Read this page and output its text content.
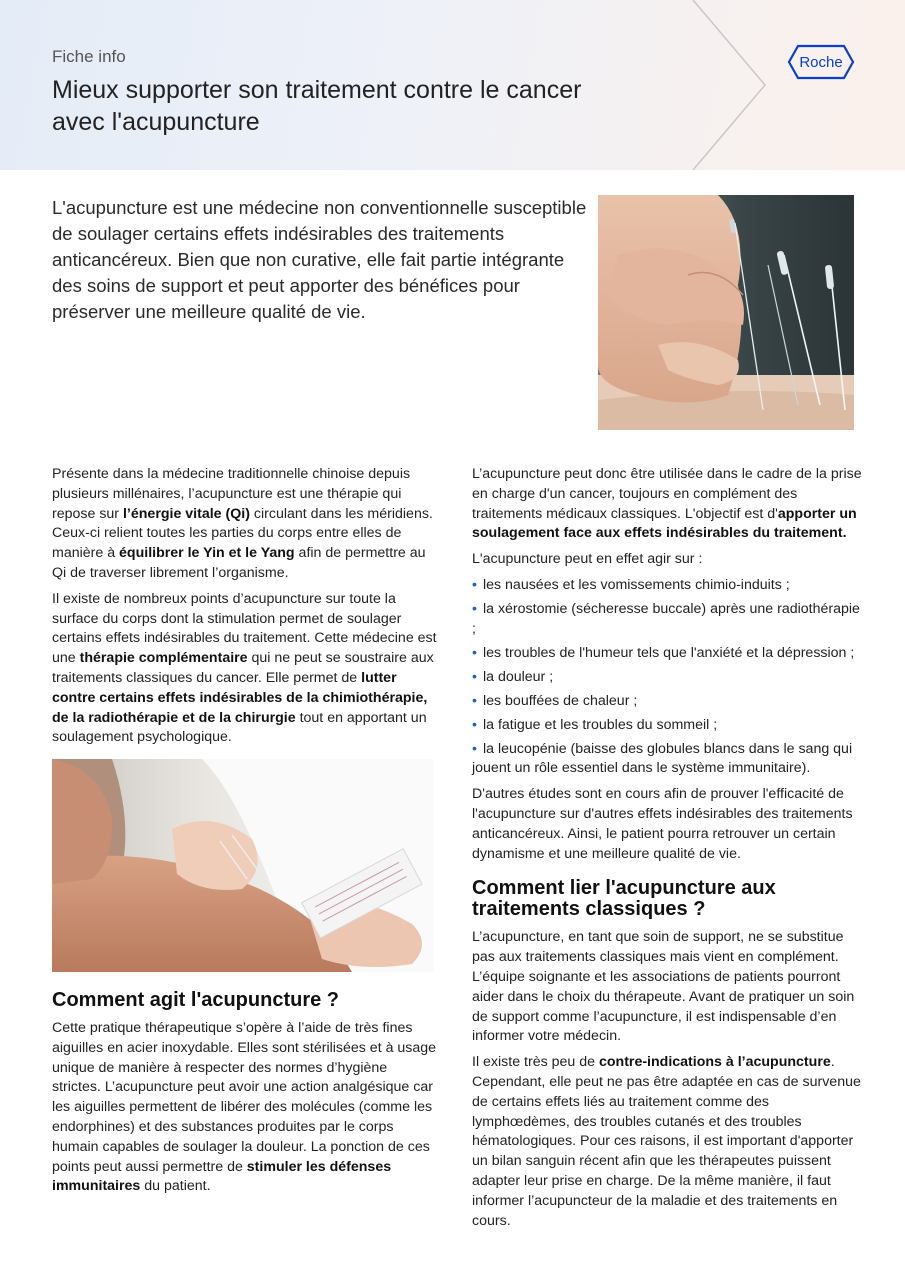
Fiche info
Mieux supporter son traitement contre le cancer
avec l'acupuncture
Roche

L'acupuncture est une médecine non conventionnelle susceptible de soulager certains effets indésirables des traitements anticancéreux. Bien que non curative, elle fait partie intégrante des soins de support et peut apporter des bénéfices pour préserver une meilleure qualité de vie.

Présente dans la médecine traditionnelle chinoise depuis plusieurs millénaires, l’acupuncture est une thérapie qui repose sur l’énergie vitale (Qi) circulant dans les méridiens. Ceux-ci relient toutes les parties du corps entre elles de manière à équilibrer le Yin et le Yang afin de permettre au Qi de traverser librement l’organisme.

Il existe de nombreux points d’acupuncture sur toute la surface du corps dont la stimulation permet de soulager certains effets indésirables du traitement. Cette médecine est une thérapie complémentaire qui ne peut se soustraire aux traitements classiques du cancer. Elle permet de lutter contre certains effets indésirables de la chimiothérapie, de la radiothérapie et de la chirurgie tout en apportant un soulagement psychologique.

Comment agit l'acupuncture ?

Cette pratique thérapeutique s’opère à l’aide de très fines aiguilles en acier inoxydable. Elles sont stérilisées et à usage unique de manière à respecter des normes d’hygiène strictes. L’acupuncture peut avoir une action analgésique car les aiguilles permettent de libérer des molécules (comme les endorphines) et des substances produites par le corps humain capables de soulager la douleur. La ponction de ces points peut aussi permettre de stimuler les défenses immunitaires du patient.

L’acupuncture peut donc être utilisée dans le cadre de la prise en charge d'un cancer, toujours en complément des traitements médicaux classiques. L'objectif est d'apporter un soulagement face aux effets indésirables du traitement.

L'acupuncture peut en effet agir sur :

• les nausées et les vomissements chimio-induits ;
• la xérostomie (sécheresse buccale) après une radiothérapie ;
• les troubles de l'humeur tels que l'anxiété et la dépression ;
• la douleur ;
• les bouffées de chaleur ;
• la fatigue et les troubles du sommeil ;
• la leucopénie (baisse des globules blancs dans le sang qui jouent un rôle essentiel dans le système immunitaire).

D'autres études sont en cours afin de prouver l'efficacité de l'acupuncture sur d'autres effets indésirables des traitements anticancéreux. Ainsi, le patient pourra retrouver un certain dynamisme et une meilleure qualité de vie.

Comment lier l'acupuncture aux traitements classiques ?

L’acupuncture, en tant que soin de support, ne se substitue pas aux traitements classiques mais vient en complément. L’équipe soignante et les associations de patients pourront aider dans le choix du thérapeute. Avant de pratiquer un soin de support comme l’acupuncture, il est indispensable d’en informer votre médecin.

Il existe très peu de contre-indications à l’acupuncture. Cependant, elle peut ne pas être adaptée en cas de survenue de certains effets liés au traitement comme des lymphœdèmes, des troubles cutanés et des troubles hématologiques. Pour ces raisons, il est important d'apporter un bilan sanguin récent afin que les thérapeutes puissent adapter leur prise en charge. De la même manière, il faut informer l’acupuncteur de la maladie et des traitements en cours.
